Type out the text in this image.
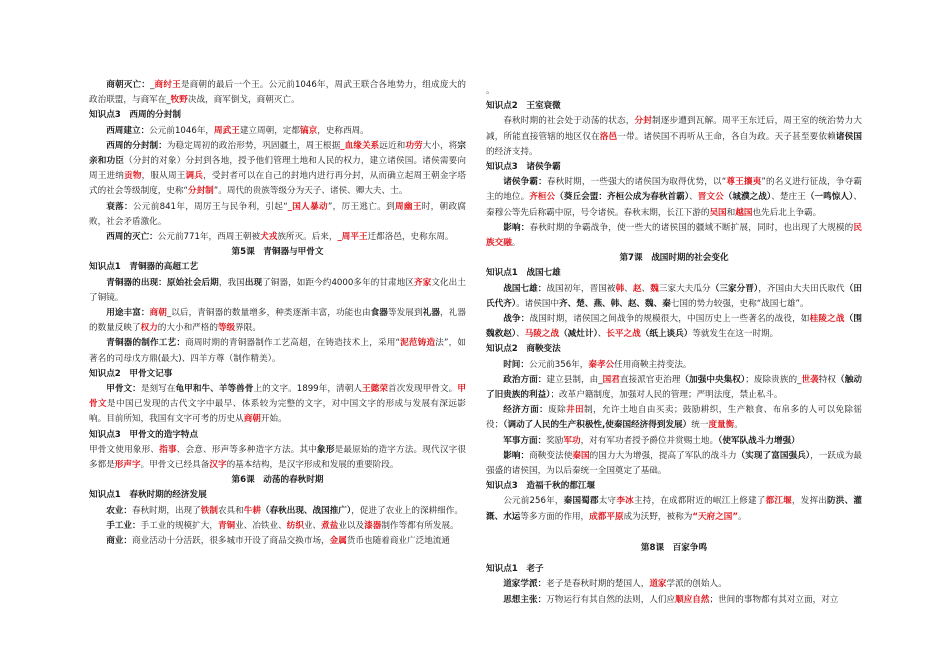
商朝灭亡：_商纣王是商朝的最后一个王。公元前1046年，周武王联合各地势力，组成庞大的政治联盟，与商军在_牧野决战，商军倒戈，商朝灭亡。

知识点3　西周的分封制

西周建立：公元前1046年，周武王建立周朝，定都镐京，史称西周。

西周的分封制：为稳定周初的政治形势，巩固疆土，周王根据_血缘关系远近和功劳大小，将宗亲和功臣（分封的对象）分封到各地，授予他们管理土地和人民的权力，建立诸侯国。诸侯需要向周王进纳贡物，服从周王调兵，受封者可以在自己的封地内进行再分封，从而确立起周王朝金字塔式的社会等级制度，史称“分封制”。周代的贵族等级分为天子、诸侯、卿大夫、士。

衰落：公元前841年，周厉王与民争利，引起“_国人暴动”，厉王逃亡。到周幽王时，朝政腐败，社会矛盾激化。

西周的灭亡：公元前771年，西周王朝被犬戎族所灭。后来，_周平王迁都洛邑，史称东周。

第5课　青铜器与甲骨文

知识点1　青铜器的高超工艺

青铜器的出现：原始社会后期，我国出现了铜器，如距今约4000多年的甘肃地区齐家文化出土了铜镜。

用途丰富：商朝_以后，青铜器的数量增多，种类逐渐丰富，功能也由食器等发展到礼器，礼器的数量反映了权力的大小和严格的等级界限。

青铜器的制作工艺：商周时期的青铜器制作工艺高超，在铸造技术上，采用“泥范铸造法”，如著名的司母戊方鼎(最大)、四羊方尊（制作精美）。

知识点2　甲骨文记事

甲骨文：是刻写在龟甲和牛、羊等兽骨上的文字。1899年，清朝人王懿荣首次发现甲骨文。甲骨文是中国已发现的古代文字中最早、体系较为完整的文字，对中国文字的形成与发展有深远影响。目前所知，我国有文字可考的历史从商朝开始。

知识点3　甲骨文的造字特点

甲骨文使用象形、指事、会意、形声等多种造字方法。其中象形是最原始的造字方法。现代汉字很多都是形声字。甲骨文已经具备汉字的基本结构，是汉字形成和发展的重要阶段。

第6课　动荡的春秋时期

知识点1　春秋时期的经济发展

农业：春秋时期，出现了铁制农具和牛耕（春秋出现、战国推广），促进了农业上的深耕细作。

手工业：手工业的规模扩大，青铜业、冶铁业、纺织业、煮盐业以及漆器制作等都有所发展。

商业：商业活动十分活跃，很多城市开设了商品交换市场，金属货币也随着商业广泛地流通

。

知识点2　王室衰微

春秋时期的社会处于动荡的状态，分封制逐步遭到瓦解。周平王东迁后，周王室的统治势力大减，所能直接管辖的地区仅在洛邑一带。诸侯国不再听从王命，各自为政。天子甚至要依赖诸侯国的经济支持。

知识点3　诸侯争霸

诸侯争霸：春秋时期，一些强大的诸侯国为取得优势，以“尊王攘夷”的名义进行征战，争夺霸主的地位。齐桓公（葵丘会盟：齐桓公成为春秋首霸）、晋文公（城濮之战）、楚庄王（一鸣惊人）、秦穆公等先后称霸中原，号令诸侯。春秋末期，长江下游的吴国和越国也先后北上争霸。

影响：春秋时期的争霸战争，使一些大的诸侯国的疆域不断扩展，同时，也出现了大规模的民族交融。

第7课　战国时期的社会变化

知识点1　战国七雄

战国七雄：战国初年，晋国被韩、赵、魏三家大夫瓜分（三家分晋），齐国由大夫田氏取代（田氏代齐）。诸侯国中齐、楚、燕、韩、赵、魏、秦七国的势力较强，史称“战国七雄”。

战争：战国时期，诸侯国之间战争的规模很大，中国历史上一些著名的战役，如桂陵之战（围魏救赵）、马陵之战（减灶计）、长平之战（纸上谈兵）等就发生在这一时期。

知识点2　商鞅变法

时间：公元前356年，秦孝公任用商鞅主持变法。

政治方面：建立县制，由_国君直接派官吏治理（加强中央集权）；废除贵族的_世袭特权（触动了旧贵族的利益）；改革户籍制度，加强对人民的管理；严明法度，禁止私斗。

经济方面：废除井田制，允许土地自由买卖；鼓励耕织，生产粮食、布帛多的人可以免除徭役；（调动了人民的生产积极性,使秦国经济得到发展）统一度量衡。

军事方面：奖励军功，对有军功者授予爵位并赏赐土地。（使军队战斗力增强）

影响：商鞅变法使秦国的国力大为增强，提高了军队的战斗力（实现了富国强兵），一跃成为最强盛的诸侯国，为以后秦统一全国奠定了基础。

知识点3　造福千秋的都江堰

公元前256年，秦国蜀郡太守李冰主持，在成都附近的岷江上修建了都江堰，发挥出防洪、灌溉、水运等多方面的作用，成都平原成为沃野，被称为“天府之国”。

第8课　百家争鸣

知识点1　老子

道家学派：老子是春秋时期的楚国人，道家学派的创始人。

思想主张：万物运行有其自然的法则，人们应顺应自然；世间的事物都有其对立面，对立
